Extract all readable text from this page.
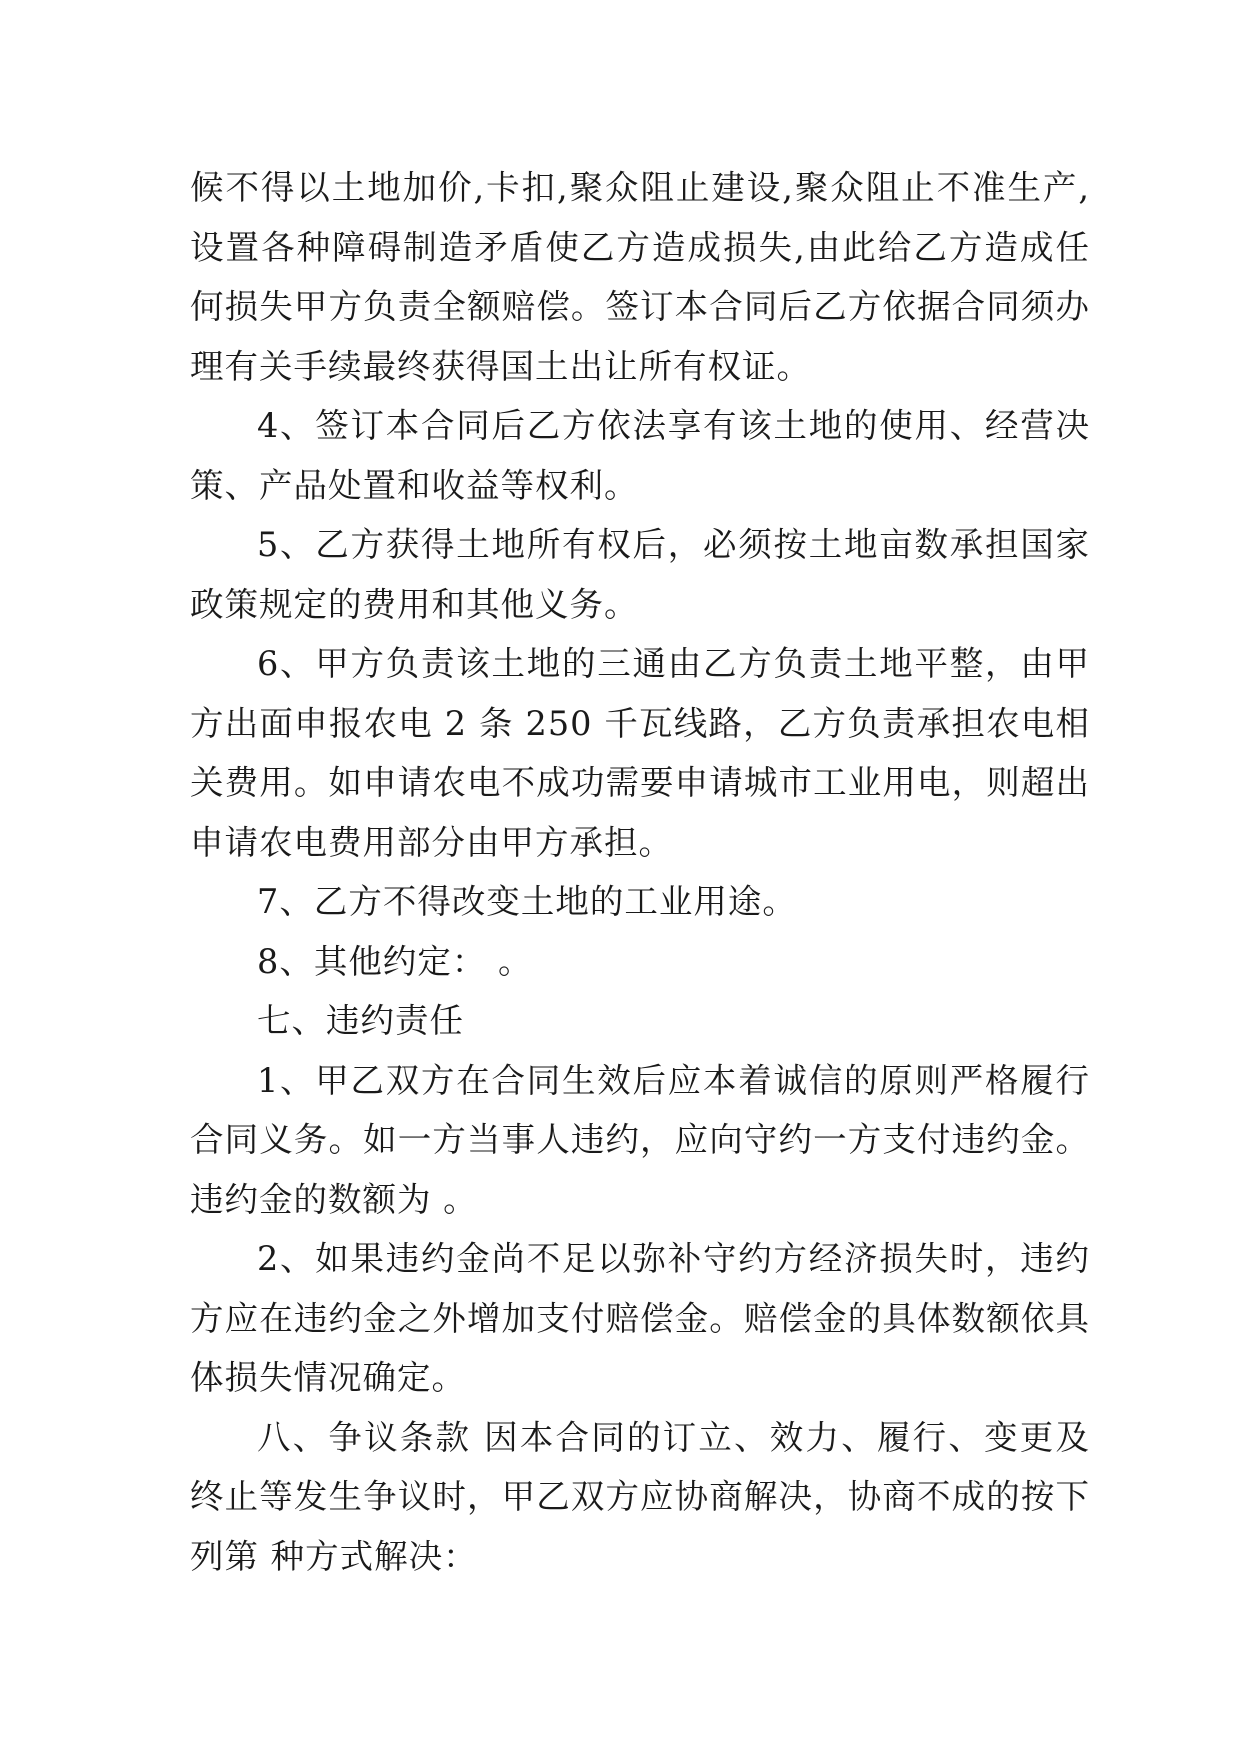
候不得以土地加价,卡扣,聚众阻止建设,聚众阻止不准生产,设置各种障碍制造矛盾使乙方造成损失,由此给乙方造成任何损失甲方负责全额赔偿。签订本合同后乙方依据合同须办理有关手续最终获得国土出让所有权证。

4、签订本合同后乙方依法享有该土地的使用、经营决策、产品处置和收益等权利。

5、乙方获得土地所有权后，必须按土地亩数承担国家政策规定的费用和其他义务。

6、甲方负责该土地的三通由乙方负责土地平整，由甲方出面申报农电 2 条 250 千瓦线路，乙方负责承担农电相关费用。如申请农电不成功需要申请城市工业用电，则超出申请农电费用部分由甲方承担。

7、乙方不得改变土地的工业用途。

8、其他约定： 。

七、违约责任

1、甲乙双方在合同生效后应本着诚信的原则严格履行合同义务。如一方当事人违约，应向守约一方支付违约金。违约金的数额为 。

2、如果违约金尚不足以弥补守约方经济损失时，违约方应在违约金之外增加支付赔偿金。赔偿金的具体数额依具体损失情况确定。

八、争议条款 因本合同的订立、效力、履行、变更及终止等发生争议时，甲乙双方应协商解决，协商不成的按下列第 种方式解决：
